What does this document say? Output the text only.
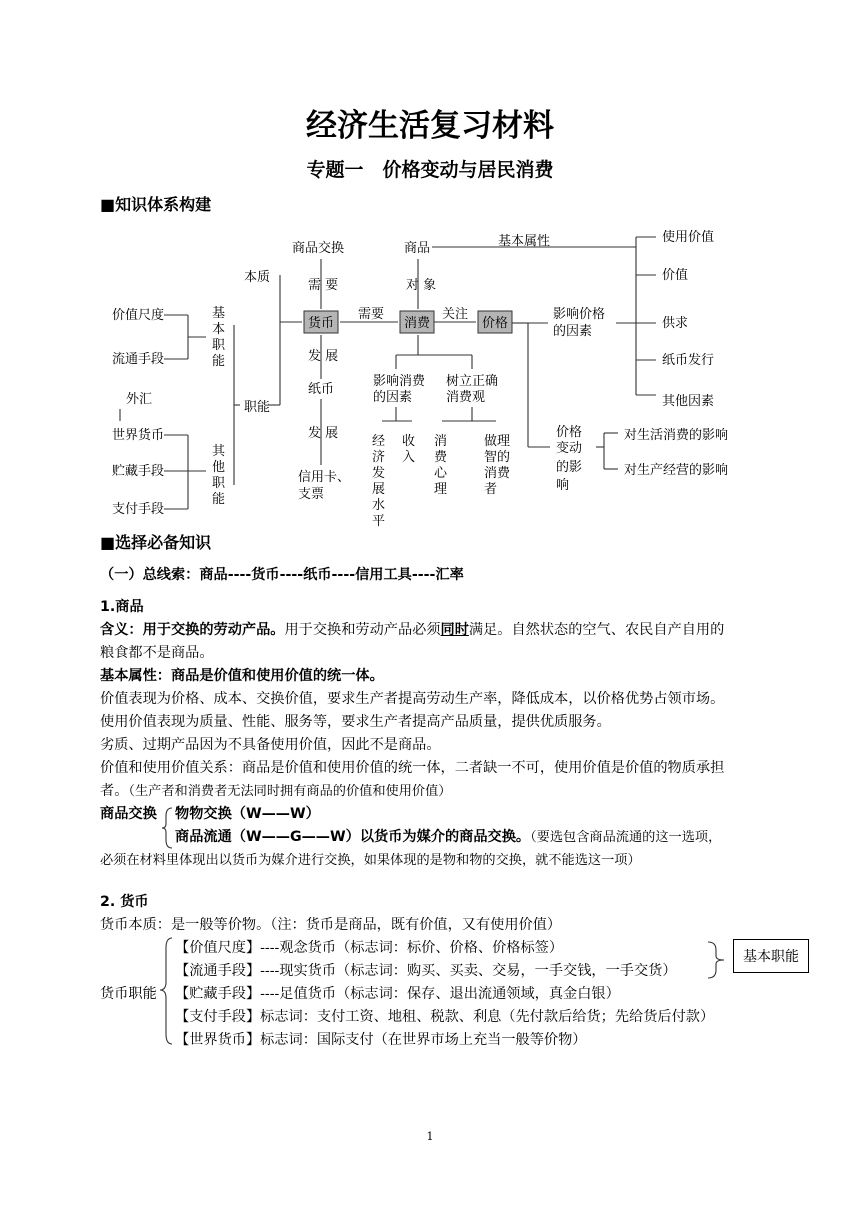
经济生活复习材料
专题一　价格变动与居民消费
■知识体系构建
商品交换	商品	基本属性	使用价值
价值
本质
需 要	对 象
价值尺度
流通手段
基
本
职
能
货币
需要
消费
关注
价格
影响价格
的因素
供求
纸币发行
其他因素
发 展
纸币
影响消费
的因素
树立正确
消费观
外汇
世界货币
职能
发 展
贮藏手段
其
他
职
能
支付手段
信用卡、
支票
经
济
发
展
水
平
收
入
消
费
心
理
做理
智的
消费
者
价格
变动
的影
响
对生活消费的影响
对生产经营的影响
■选择必备知识
（一）总线索：商品----货币----纸币----信用工具----汇率
1.商品
含义：用于交换的劳动产品。用于交换和劳动产品必须同时满足。自然状态的空气、农民自产自用的
粮食都不是商品。
基本属性：商品是价值和使用价值的统一体。
价值表现为价格、成本、交换价值，要求生产者提高劳动生产率，降低成本，以价格优势占领市场。
使用价值表现为质量、性能、服务等，要求生产者提高产品质量，提供优质服务。
劣质、过期产品因为不具备使用价值，因此不是商品。
价值和使用价值关系：商品是价值和使用价值的统一体，二者缺一不可，使用价值是价值的物质承担
者。（生产者和消费者无法同时拥有商品的价值和使用价值）
商品交换 物物交换（W——W）
商品流通（W——G——W）以货币为媒介的商品交换。（要选包含商品流通的这一选项，
必须在材料里体现出以货币为媒介进行交换，如果体现的是物和物的交换，就不能选这一项）
2. 货币
货币本质：是一般等价物。（注：货币是商品，既有价值，又有使用价值）
货币职能
【价值尺度】----观念货币（标志词：标价、价格、价格标签）
【流通手段】----现实货币（标志词：购买、买卖、交易，一手交钱，一手交货）
【贮藏手段】----足值货币（标志词：保存、退出流通领域，真金白银）
【支付手段】标志词：支付工资、地租、税款、利息（先付款后给货；先给货后付款）
【世界货币】标志词：国际支付（在世界市场上充当一般等价物）
基本职能
1
